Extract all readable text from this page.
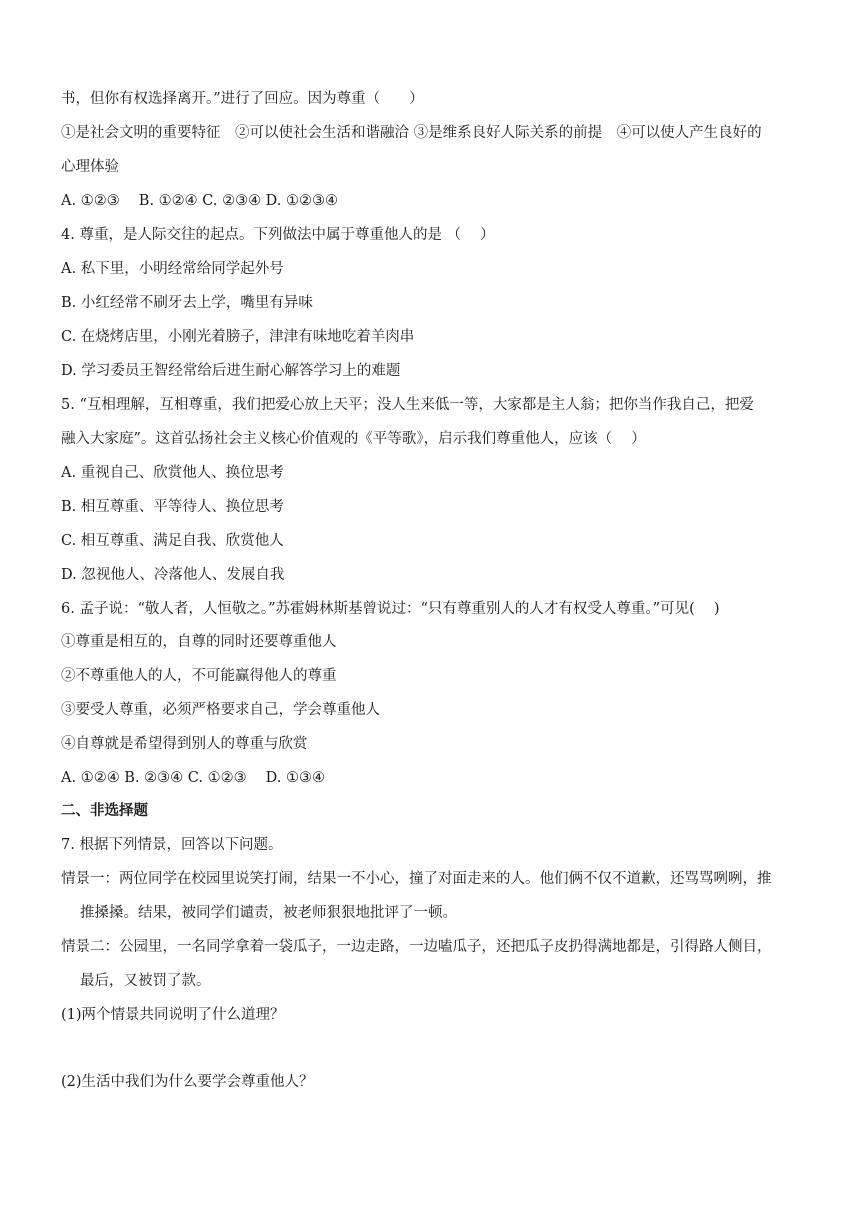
书，但你有权选择离开。”进行了回应。因为尊重（　　）
①是社会文明的重要特征　②可以使社会生活和谐融洽 ③是维系良好人际关系的前提　④可以使人产生良好的
心理体验
A. ①②③　 B. ①②④ C. ②③④ D. ①②③④
4. 尊重，是人际交往的起点。下列做法中属于尊重他人的是 （　 ）
A. 私下里，小明经常给同学起外号
B. 小红经常不刷牙去上学，嘴里有异味
C. 在烧烤店里，小刚光着膀子，津津有味地吃着羊肉串
D. 学习委员王智经常给后进生耐心解答学习上的难题
5. “互相理解，互相尊重，我们把爱心放上天平；没人生来低一等，大家都是主人翁；把你当作我自己，把爱
融入大家庭”。这首弘扬社会主义核心价值观的《平等歌》，启示我们尊重他人，应该（　 ）
A. 重视自己、欣赏他人、换位思考
B. 相互尊重、平等待人、换位思考
C. 相互尊重、满足自我、欣赏他人
D. 忽视他人、冷落他人、发展自我
6. 孟子说：“敬人者，人恒敬之。”苏霍姆林斯基曾说过：“只有尊重别人的人才有权受人尊重。”可见(　 )
①尊重是相互的，自尊的同时还要尊重他人
②不尊重他人的人，不可能赢得他人的尊重
③要受人尊重，必须严格要求自己，学会尊重他人
④自尊就是希望得到别人的尊重与欣赏
A. ①②④ B. ②③④ C. ①②③　 D. ①③④
二、非选择题
7. 根据下列情景，回答以下问题。
情景一：两位同学在校园里说笑打闹，结果一不小心，撞了对面走来的人。他们俩不仅不道歉，还骂骂咧咧，推
推搡搡。结果，被同学们谴责，被老师狠狠地批评了一顿。
情景二：公园里，一名同学拿着一袋瓜子，一边走路，一边嗑瓜子，还把瓜子皮扔得满地都是，引得路人侧目，
最后，又被罚了款。
(1)两个情景共同说明了什么道理？
(2)生活中我们为什么要学会尊重他人？
